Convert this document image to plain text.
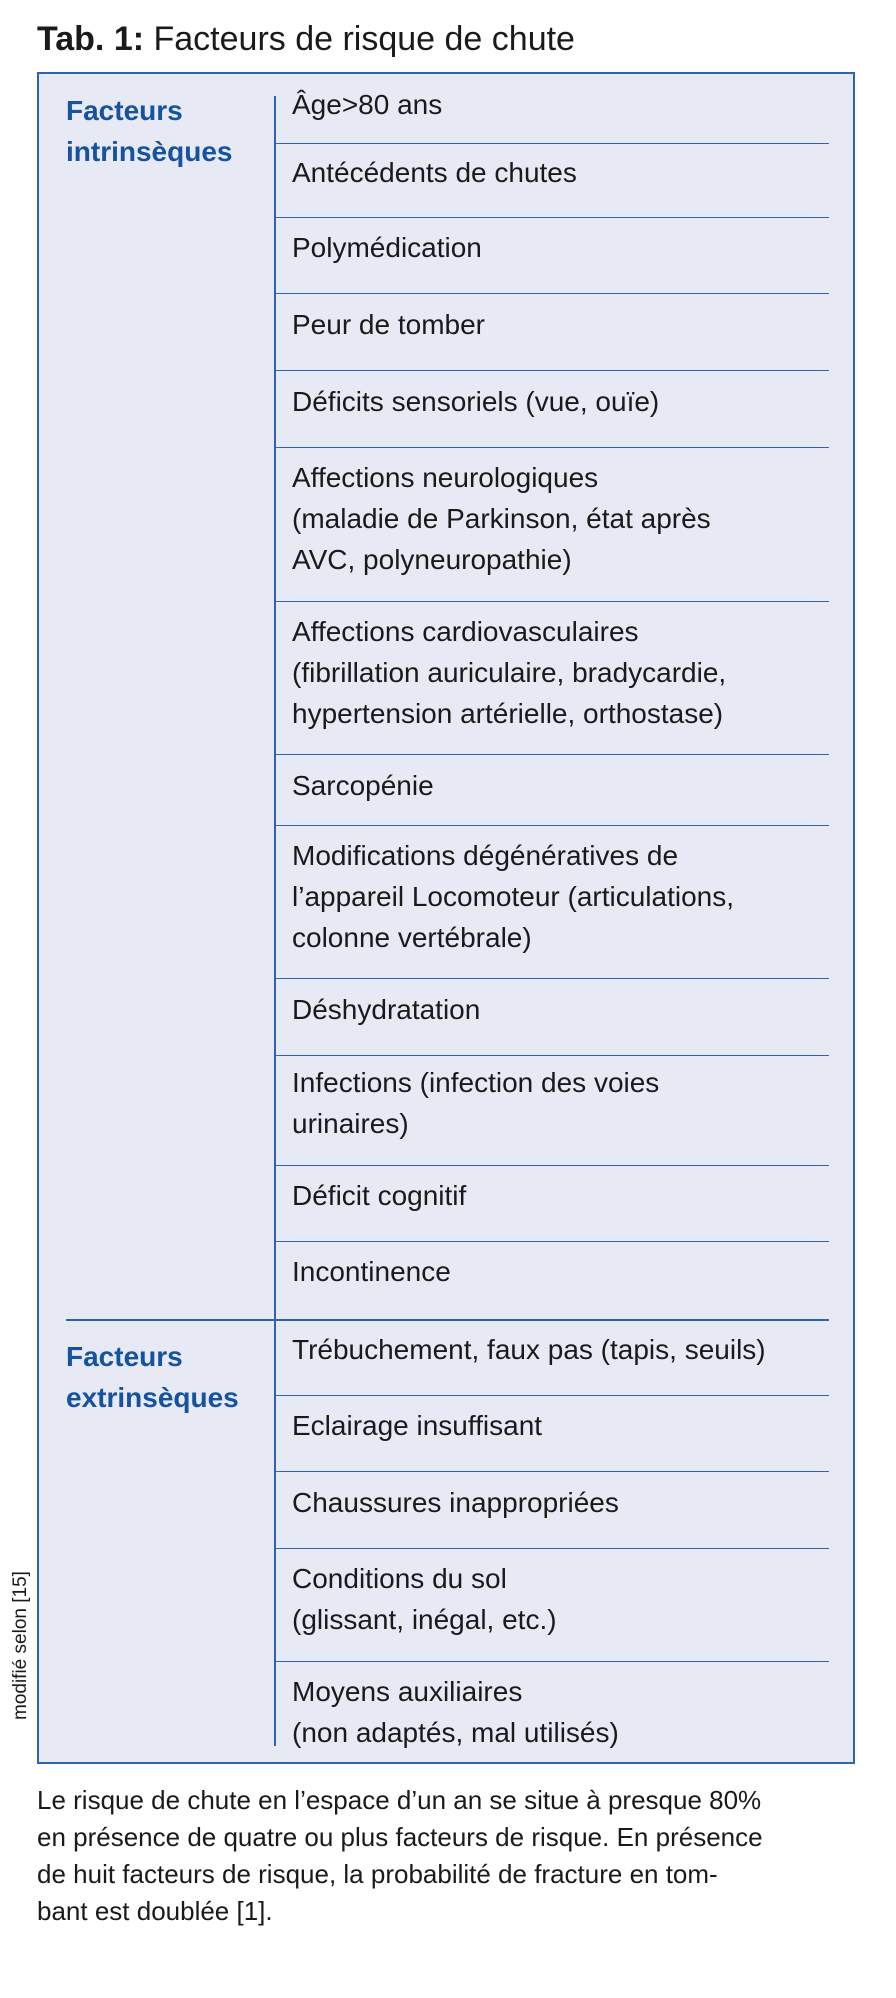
Tab. 1: Facteurs de risque de chute
Facteurs intrinsèques
Facteurs extrinsèques
Âge>80 ans
Antécédents de chutes
Polymédication
Peur de tomber
Déficits sensoriels (vue, ouïe)
Affections neurologiques
(maladie de Parkinson, état après
AVC, polyneuropathie)
Affections cardiovasculaires
(fibrillation auriculaire, bradycardie,
hypertension artérielle, orthostase)
Sarcopénie
Modifications dégénératives de
l’appareil Locomoteur (articulations,
colonne vertébrale)
Déshydratation
Infections (infection des voies
urinaires)
Déficit cognitif
Incontinence
Trébuchement, faux pas (tapis, seuils)
Eclairage insuffisant
Chaussures inappropriées
Conditions du sol
(glissant, inégal, etc.)
Moyens auxiliaires
(non adaptés, mal utilisés)
modifié selon [15]
Le risque de chute en l’espace d’un an se situe à presque 80%
en présence de quatre ou plus facteurs de risque. En présence
de huit facteurs de risque, la probabilité de fracture en tom-
bant est doublée [1].
